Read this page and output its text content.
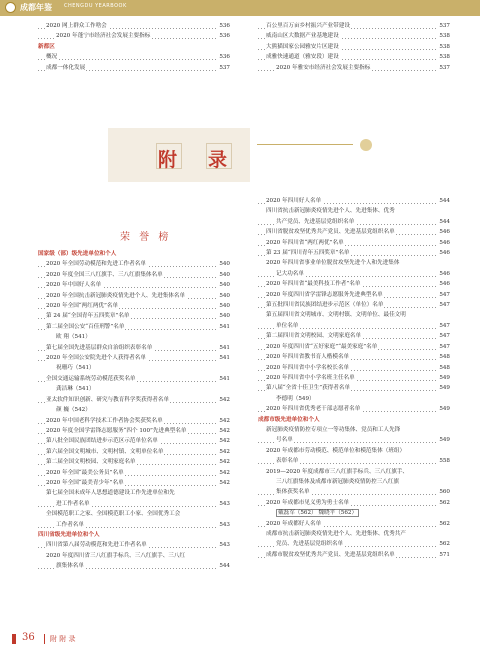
成都年鉴 CHENGDU YEARBOOK
536
2020 网上群众工作啥会
536
2020 年蓬宁市经济社会发展主要指标
新都区
536
概况
537
成都一体化发展
537
百公里百万亩乡村振兴产业带建设
538
威南山区大数据产业基地建设
538
大熊猫国家公园雅安片区建设
538
成雅快速通道（雅安段）建设
537
2020 年雅安市经济社会发展主要指标
附 录
荣 誉 榜
国家级（部）级先进单位和个人
540
2020 年全国劳动模范和先进工作者名单
540
2020 年度全国三八红旗手、三八红旗集体名单
540
2020 年中国好人名单
540
2020 年全国抗击新冠肺炎疫情先进个人、先进集体名单
540
2020 年全国“两红两优”名单
540
第 24 届“全国青年五四奖章”名单
541
第二届全国公安“百佳刑警”名单
欧 翔（541）
541
第七届全国先进基层群众自治组织表彰名单
541
2020 年全国公安院先进个人获得者名单
祝珊巧（541）
541
全国交通运输系统劳动模范获奖名单
龚洁琳（541）
542
亚太软件知识创新、研究与教育科学奖获得者名单
颜 巍（542）
542
2020 年中国老科学技术工作者协会奖获奖名单
542
2020 年度全国学雷锋志愿服务“四个 100”先进典型名单
542
第八批全国民族团结进步示范区示范单位名单
542
第六届全国文明城市、文明村镇、文明单位名单
542
第二届全国文明校园、文明家庭名单
542
2020 年全国“最美公务员”名单
542
2020 年全国“最美青少年”名单
第七届全国未成年人思想道德建设工作先进单位和先
543
进工作者名单
全国模范职工之家、全国模范职工小家、全国优秀工会
543
工作者名单
四川省级先进单位和个人
543
四川省第八届劳动模范和先进工作者名单
2020 年度四川省三八红旗手标兵、三八红旗手、三八红
544
旗集体名单
544
2020 年四川好人名单
四川省抗击新冠肺炎疫情先进个人、先进集体、优秀
544
共产党员、先进基层党组织名单
546
四川省脱贫攻坚优秀共产党员、先进基层党组织名单
546
2020 年四川省“两红两优”名单
546
第 23 届“四川青年五四奖章”名单
2020 年四川省事业单位脱贫攻坚先进个人和先进集体
546
记大功名单
546
2020 年四川省“最美科技工作者”名单
547
2020 年度四川省学雷锋志愿服务先进典型名单
547
第五批四川省民族团结进步示范区（单位）名单
第五届四川省文明城市、文明村镇、文明单位、最佳文明
547
单位名单
547
第二届四川省文明校园、文明家庭名单
547
2020 年度四川省“五好家庭”“最美家庭”名单
548
2020 年四川省教书育人楷模名单
548
2020 年四川省中小学名校长名单
549
2020 年四川省中小学名班主任名单
549
第八届“全省十佳卫生”获得者名单
李德明（549）
549
2020 年四川省优秀老干部志愿者名单
成都市级先进单位和个人
新冠肺炎疫情防控专项立一等功集体、党员和工人先锋
549
号名单
2020 年成都市劳动模范、模范单位和模范集体（班组）
558
表彰名单
2019—2020 年度成都市三八红旗手标兵、三八红旗手、
三八红旗集体及成都市新冠肺炎疫情防控三八红旗
560
集体获奖名单
562
2020 年成都市见义勇为勇士名单
戴磊军（562） 魏晓平（562）
562
2020 年成都好人名单
成都市抗击新冠肺炎疫情先进个人、先进集体、优秀共产
562
党员、先进基层党组织名单
571
成都市脱贫攻坚优秀共产党员、先进基层党组织名单
36 附 附 录
